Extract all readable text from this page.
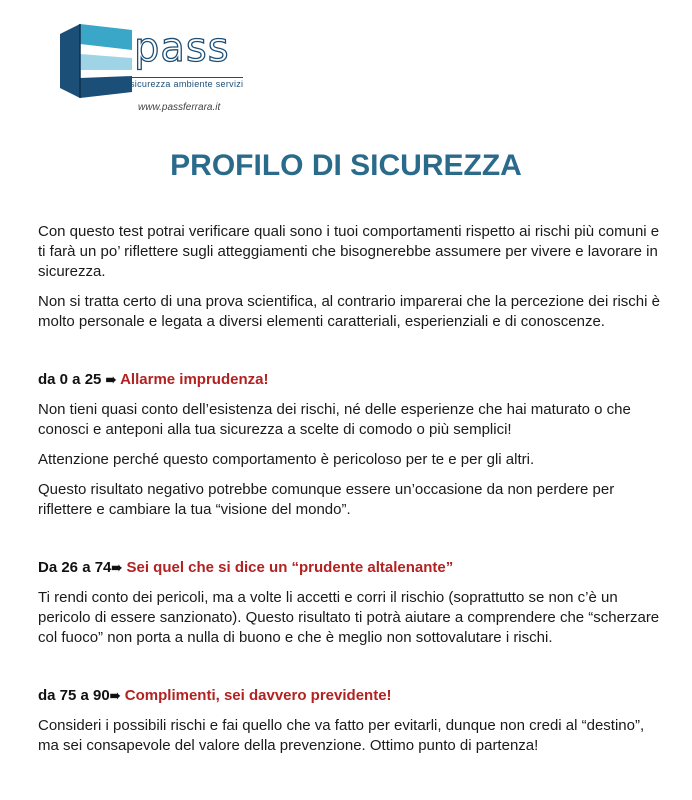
pass
sicurezza ambiente servizi
www.passferrara.it
PROFILO DI SICUREZZA

Con questo test potrai verificare quali sono i tuoi comportamenti rispetto ai rischi più comuni e ti farà un po’ riflettere sugli atteggiamenti che bisognerebbe assumere per vivere e lavorare in sicurezza.

Non si tratta certo di una prova scientifica, al contrario imparerai che la percezione dei rischi è molto personale e legata a diversi elementi caratteriali, esperienziali e di conoscenze.

da 0 a 25 ➠ Allarme imprudenza!

Non tieni quasi conto dell’esistenza dei rischi, né delle esperienze che hai maturato o che conosci e anteponi alla tua sicurezza a scelte di comodo o più semplici!

Attenzione perché questo comportamento è pericoloso per te e per gli altri.

Questo risultato negativo potrebbe comunque essere un’occasione da non perdere per riflettere e cambiare la tua “visione del mondo”.

Da 26 a 74➠ Sei quel che si dice un “prudente altalenante”

Ti rendi conto dei pericoli, ma a volte li accetti e corri il rischio (soprattutto se non c’è un pericolo di essere sanzionato). Questo risultato ti potrà aiutare a comprendere che “scherzare col fuoco” non porta a nulla di buono e che è meglio non sottovalutare i rischi.

da 75 a 90➠ Complimenti, sei davvero previdente!

Consideri i possibili rischi e fai quello che va fatto per evitarli, dunque non credi al “destino”, ma sei consapevole del valore della prevenzione. Ottimo punto di partenza!
